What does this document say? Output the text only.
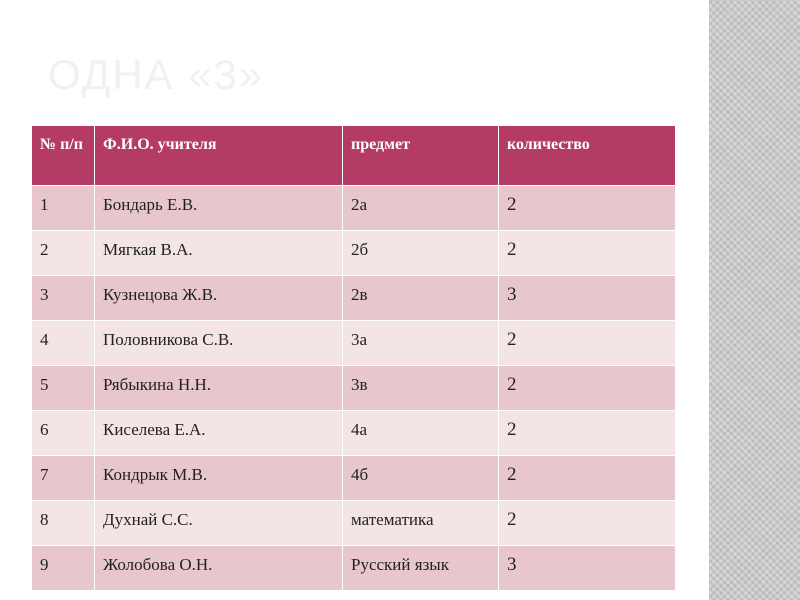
ОДНА «3»
№ п/п	Ф.И.О. учителя	предмет	количество
1	Бондарь Е.В.	2а	2
2	Мягкая В.А.	2б	2
3	Кузнецова Ж.В.	2в	3
4	Половникова С.В.	3а	2
5	Рябыкина Н.Н.	3в	2
6	Киселева Е.А.	4а	2
7	Кондрык М.В.	4б	2
8	Духнай С.С.	математика	2
9	Жолобова О.Н.	Русский язык	3
